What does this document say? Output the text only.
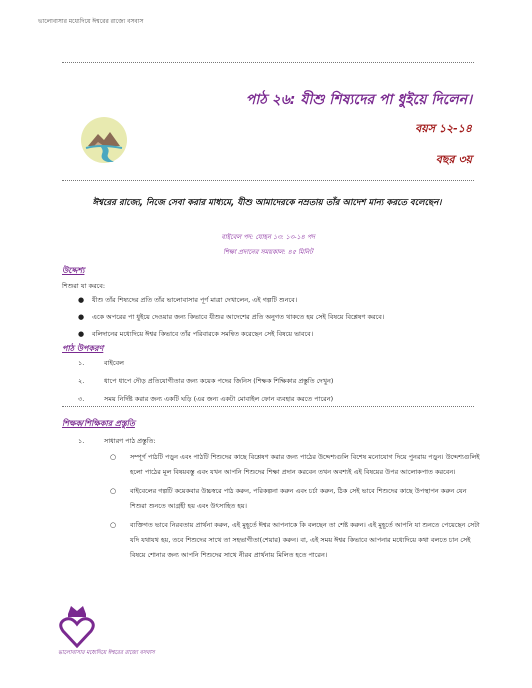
ভালোবাসার মধ্যেদিয়ে ঈশ্বরের রাজ্যে বসবাস
পাঠ ২৬: যীশু শিষ্যদের পা ধুইয়ে দিলেন।
বয়স ১২-১৪
বছর ৩য়
ঈশ্বরের রাজ্যে, নিজে সেবা করার মাধ্যমে, যীশু আমাদেরকে নম্রতায় তাঁর আদেশ মান্য করতে বলেছেন।
বাইবেল পদ: যোহন ১৩: ১৩-১৪ পদ
শিক্ষা প্রদানের সময়কাল: ৪৫ মিনিট
উদ্দেশ্য
শিশুরা যা করবে:
● যীশু তাঁর শিষ্যদের প্রতি তাঁর ভালোবাসার পূর্ণ মাত্রা দেখালেন, এই গল্পটি শুনবে।
● একে অপরের পা ধুইয়ে দেওয়ার জন্য কিভাবে যীশুর আদেশের প্রতি অনুগত থাকতে হয় সেই বিষয়ে বিশ্লেষণ করবে।
● বলিদানের মধ্যেদিয়ে ঈশ্বর কিভাবে তাঁর পরিবারকে সমন্বিত করেছেন সেই বিষয়ে ভাববে।
পাঠ উপকরণ
১.	বাইবেল
২.	ধাপে ধাপে দৌড় প্রতিযোগীতার জন্য কয়েক পদের জিনিস (শিক্ষক শিক্ষিকার প্রস্তুতি দেখুন)
৩.	সময় নির্দিষ্ট করার জন্য একটি ঘড়ি (এর জন্য একটা মোবাইল ফোন ব্যবহার করতে পারেন)
শিক্ষক/শিক্ষিকার প্রস্তুতি
১.	সাধারণ পাঠ প্রস্তুতি:
○ সম্পূর্ণ পাঠটি পড়ুন এবং পাঠটি শিশুদের কাছে বিশ্লেষণ করার জন্য পাঠের উদ্দেশ্যগুলি বিশেষ মনোযোগ দিয়ে পুনরায় পড়ুন। উদ্দেশ্যগুলিই হলো পাঠের মূল বিষয়বস্তু এবং যখন আপনি শিশুদের শিক্ষা প্রদান করবেন তখন অবশ্যই এই বিষয়ের উপর আলোকপাত করবেন।
○ বাইবেলের গল্পটি কয়েকবার উচ্চস্বরে পাঠ করুন, পরিকল্পনা করুন এবং চর্চা করুন, ঠিক সেই ভাবে শিশুদের কাছে উপস্থাপন করুন যেন শিশুরা শুনতে আগ্রহী হয় এবং উৎসাহিত হয়।
○ ব্যক্তিগত ভাবে নিরবতায় প্রার্থনা করুন, এই মুহূর্তে ঈশ্বর আপনাকে কি বলছেন তা শেষ্ট করুন। এই মুহূর্তে আপনি যা শুনতে পেয়েছেন সেটা যদি যথাযথ হয়, তবে শিশুদের সাথে তা সহভাগীতা(শেয়ার) করুন। বা, এই সময় ঈশ্বর কিভাবে আপনার মধ্যেদিয়ে কথা বলতে চান সেই বিষয়ে শোনার জন্য আপনি শিশুদের সাথে নীরব প্রার্থনায় মিলিত হতে পারেন।
ভালোবাসার মধ্যেদিয়ে ঈশ্বরের রাজ্যে বসবাস
